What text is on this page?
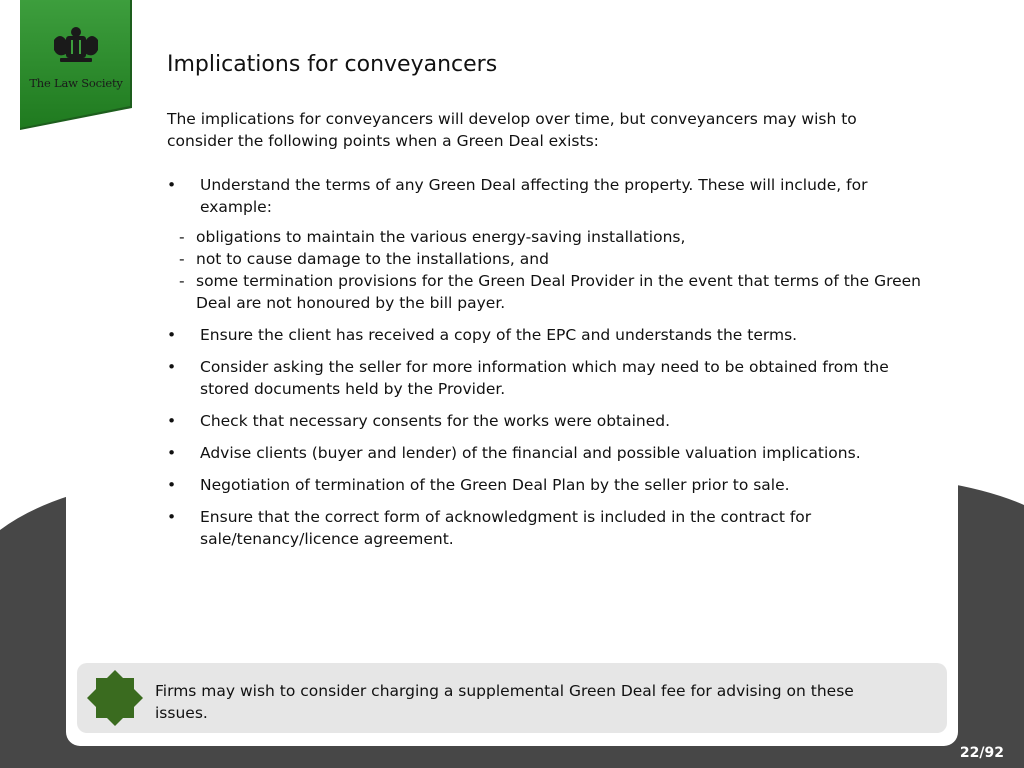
The Law Society
Implications for conveyancers

The implications for conveyancers will develop over time, but conveyancers may wish to consider the following points when a Green Deal exists:

• Understand the terms of any Green Deal affecting the property. These will include, for example:
- obligations to maintain the various energy-saving installations,
- not to cause damage to the installations, and
- some termination provisions for the Green Deal Provider in the event that terms of the Green Deal are not honoured by the bill payer.
• Ensure the client has received a copy of the EPC and understands the terms.
• Consider asking the seller for more information which may need to be obtained from the stored documents held by the Provider.
• Check that necessary consents for the works were obtained.
• Advise clients (buyer and lender) of the financial and possible valuation implications.
• Negotiation of termination of the Green Deal Plan by the seller prior to sale.
• Ensure that the correct form of acknowledgment is included in the contract for sale/tenancy/licence agreement.

Firms may wish to consider charging a supplemental Green Deal fee for advising on these issues.

22/92
